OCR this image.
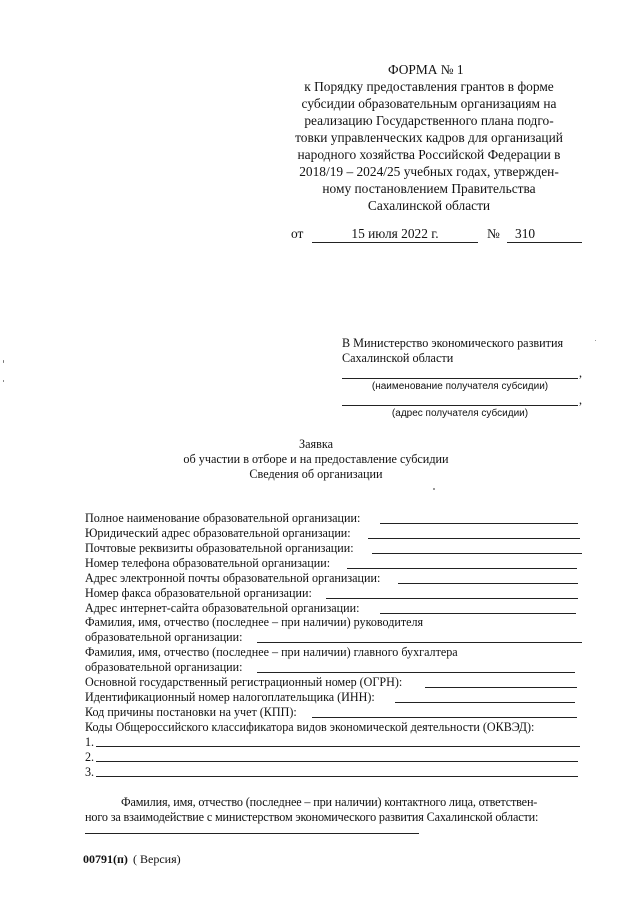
ФОРМА № 1
к Порядку предоставления грантов в форме
субсидии образовательным организациям на
реализацию Государственного плана подго-
товки управленческих кадров для организаций
народного хозяйства Российской Федерации в
2018/19 – 2024/25 учебных годах, утвержден-
ному постановлением Правительства
Сахалинской области
от	15 июля 2022 г.	№ 310
В Министерство экономического развития
Сахалинской области
,
(наименование получателя субсидии)
,
(адрес получателя субсидии)
Заявка
об участии в отборе и на предоставление субсидии
Сведения об организации
Полное наименование образовательной организации:
Юридический адрес образовательной организации:
Почтовые реквизиты образовательной организации:
Номер телефона образовательной организации:
Адрес электронной почты образовательной организации:
Номер факса образовательной организации:
Адрес интернет-сайта образовательной организации:
Фамилия, имя, отчество (последнее – при наличии) руководителя
образовательной организации:
Фамилия, имя, отчество (последнее – при наличии) главного бухгалтера
образовательной организации:
Основной государственный регистрационный номер (ОГРН):
Идентификационный номер налогоплательщика (ИНН):
Код причины постановки на учет (КПП):
Коды Общероссийского классификатора видов экономической деятельности (ОКВЭД):
1.
2.
3.
Фамилия, имя, отчество (последнее – при наличии) контактного лица, ответствен-
ного за взаимодействие с министерством экономического развития Сахалинской области:
00791(п) ( Версия)
